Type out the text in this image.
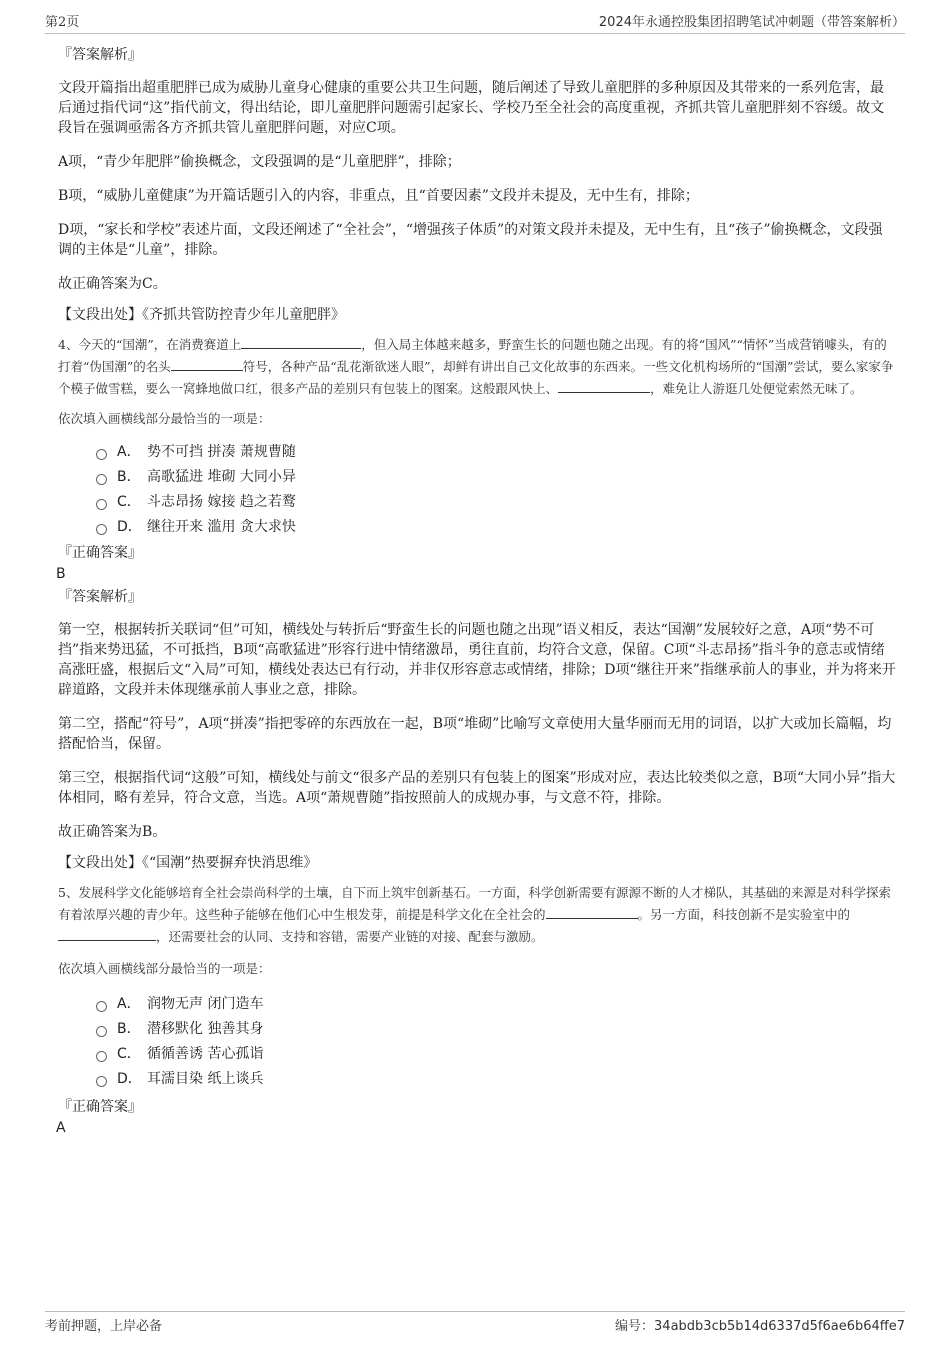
第2页	2024年永通控股集团招聘笔试冲刺题（带答案解析）

『答案解析』

文段开篇指出超重肥胖已成为威胁儿童身心健康的重要公共卫生问题，随后阐述了导致儿童肥胖的多种原因及其带来的一系列危害，最后通过指代词“这”指代前文，得出结论，即儿童肥胖问题需引起家长、学校乃至全社会的高度重视，齐抓共管儿童肥胖刻不容缓。故文段旨在强调亟需各方齐抓共管儿童肥胖问题，对应C项。

A项，“青少年肥胖”偷换概念，文段强调的是“儿童肥胖”，排除；

B项，“威胁儿童健康”为开篇话题引入的内容，非重点，且“首要因素”文段并未提及，无中生有，排除；

D项，“家长和学校”表述片面，文段还阐述了“全社会”，“增强孩子体质”的对策文段并未提及，无中生有，且“孩子”偷换概念，文段强调的主体是“儿童”，排除。

故正确答案为C。

【文段出处】《齐抓共管防控青少年儿童肥胖》

4、今天的“国潮”，在消费赛道上	，但入局主体越来越多，野蛮生长的问题也随之出现。有的将“国风”“情怀”当成营销噱头，有的打着“伪国潮”的名头	符号，各种产品“乱花渐欲迷人眼”，却鲜有讲出自己文化故事的东西来。一些文化机构场所的“国潮”尝试，要么家家争个模子做雪糕，要么一窝蜂地做口红，很多产品的差别只有包装上的图案。这般跟风快上、	，难免让人游逛几处便觉索然无味了。

依次填入画横线部分最恰当的一项是：

A． 势不可挡 拼凑 萧规曹随
B． 高歌猛进 堆砌 大同小异
C． 斗志昂扬 嫁接 趋之若鹜
D． 继往开来 滥用 贪大求快

『正确答案』

B

『答案解析』

第一空，根据转折关联词“但”可知，横线处与转折后“野蛮生长的问题也随之出现”语义相反，表达“国潮”发展较好之意，A项“势不可挡”指来势迅猛，不可抵挡，B项“高歌猛进”形容行进中情绪激昂，勇往直前，均符合文意，保留。C项“斗志昂扬”指斗争的意志或情绪高涨旺盛，根据后文“入局”可知，横线处表达已有行动，并非仅形容意志或情绪，排除；D项“继往开来”指继承前人的事业，并为将来开辟道路，文段并未体现继承前人事业之意，排除。

第二空，搭配“符号”，A项“拼凑”指把零碎的东西放在一起，B项“堆砌”比喻写文章使用大量华丽而无用的词语，以扩大或加长篇幅，均搭配恰当，保留。

第三空，根据指代词“这般”可知，横线处与前文“很多产品的差别只有包装上的图案”形成对应，表达比较类似之意，B项“大同小异”指大体相同，略有差异，符合文意，当选。A项“萧规曹随”指按照前人的成规办事，与文意不符，排除。

故正确答案为B。

【文段出处】《“国潮”热要摒弃快消思维》

5、发展科学文化能够培育全社会崇尚科学的土壤，自下而上筑牢创新基石。一方面，科学创新需要有源源不断的人才梯队，其基础的来源是对科学探索有着浓厚兴趣的青少年。这些种子能够在他们心中生根发芽，前提是科学文化在全社会的	。另一方面，科技创新不是实验室中的，还需要社会的认同、支持和容错，需要产业链的对接、配套与激励。

依次填入画横线部分最恰当的一项是：

A． 润物无声 闭门造车
B． 潜移默化 独善其身
C． 循循善诱 苦心孤诣
D． 耳濡目染 纸上谈兵

『正确答案』

A

考前押题，上岸必备	编号：34abdb3cb5b14d6337d5f6ae6b64ffe7
